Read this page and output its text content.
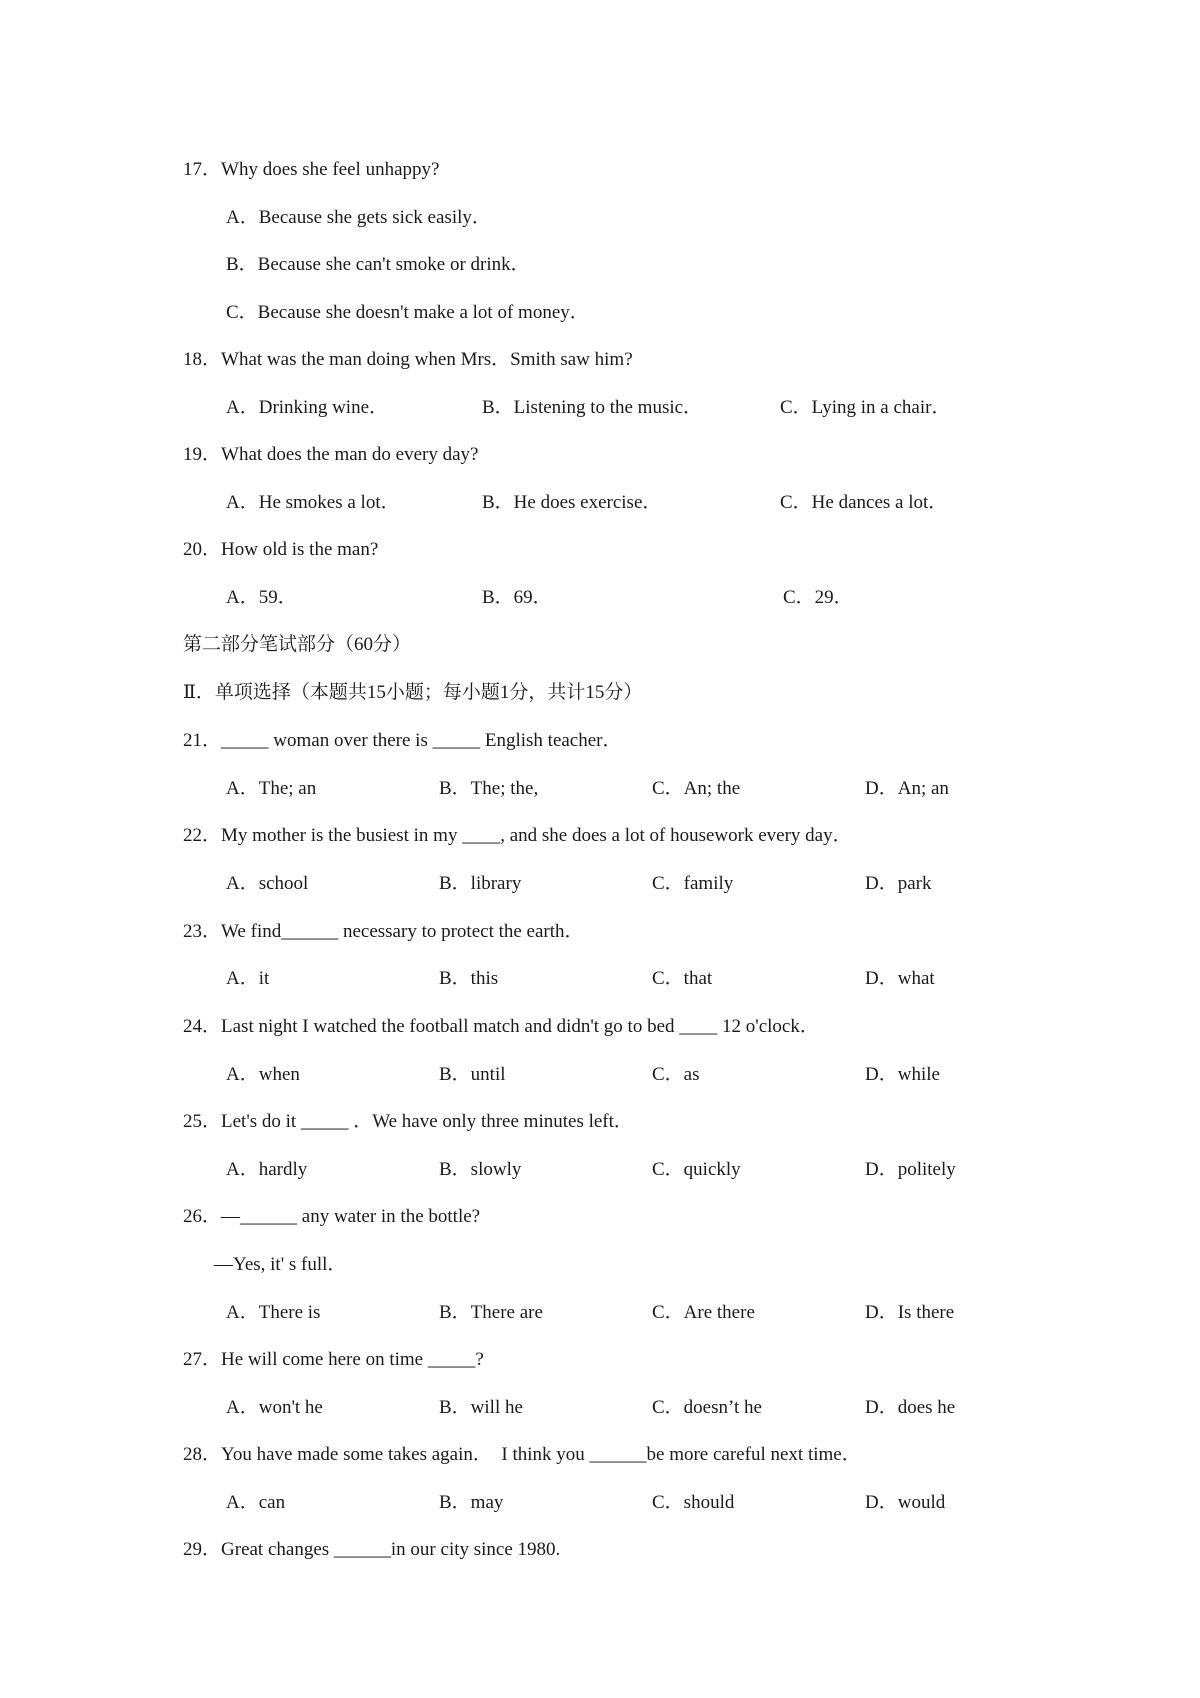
17．Why does she feel unhappy?
A．Because she gets sick easily．
B．Because she can't smoke or drink．
C．Because she doesn't make a lot of money．
18．What was the man doing when Mrs．Smith saw him?
A．Drinking wine．	B．Listening to the music．	C．Lying in a chair．
19．What does the man do every day?
A．He smokes a lot．	B．He does exercise．	C．He dances a lot．
20．How old is the man?
A．59．	B．69．	C．29．
第二部分笔试部分（60分）
Ⅱ．单项选择（本题共15小题；每小题1分，共计15分）
21．_____ woman over there is _____ English teacher．
A．The; an	B．The; the,	C．An; the	D．An; an
22．My mother is the busiest in my ____, and she does a lot of housework every day．
A．school	B．library	C．family	D．park
23．We find______ necessary to protect the earth．
A．it	B．this	C．that	D．what
24．Last night I watched the football match and didn't go to bed ____ 12 o'clock．
A．when	B．until	C．as	D．while
25．Let's do it _____ ．We have only three minutes left．
A．hardly	B．slowly	C．quickly	D．politely
26．—______ any water in the bottle?
—Yes, it' s full．
A．There is	B．There are	C．Are there	D．Is there
27．He will come here on time _____?
A．won't he	B．will he	C．doesn’t he	D．does he
28．You have made some takes again．  I think you ______be more careful next time．
A．can	B．may	C．should	D．would
29．Great changes ______in our city since 1980.
